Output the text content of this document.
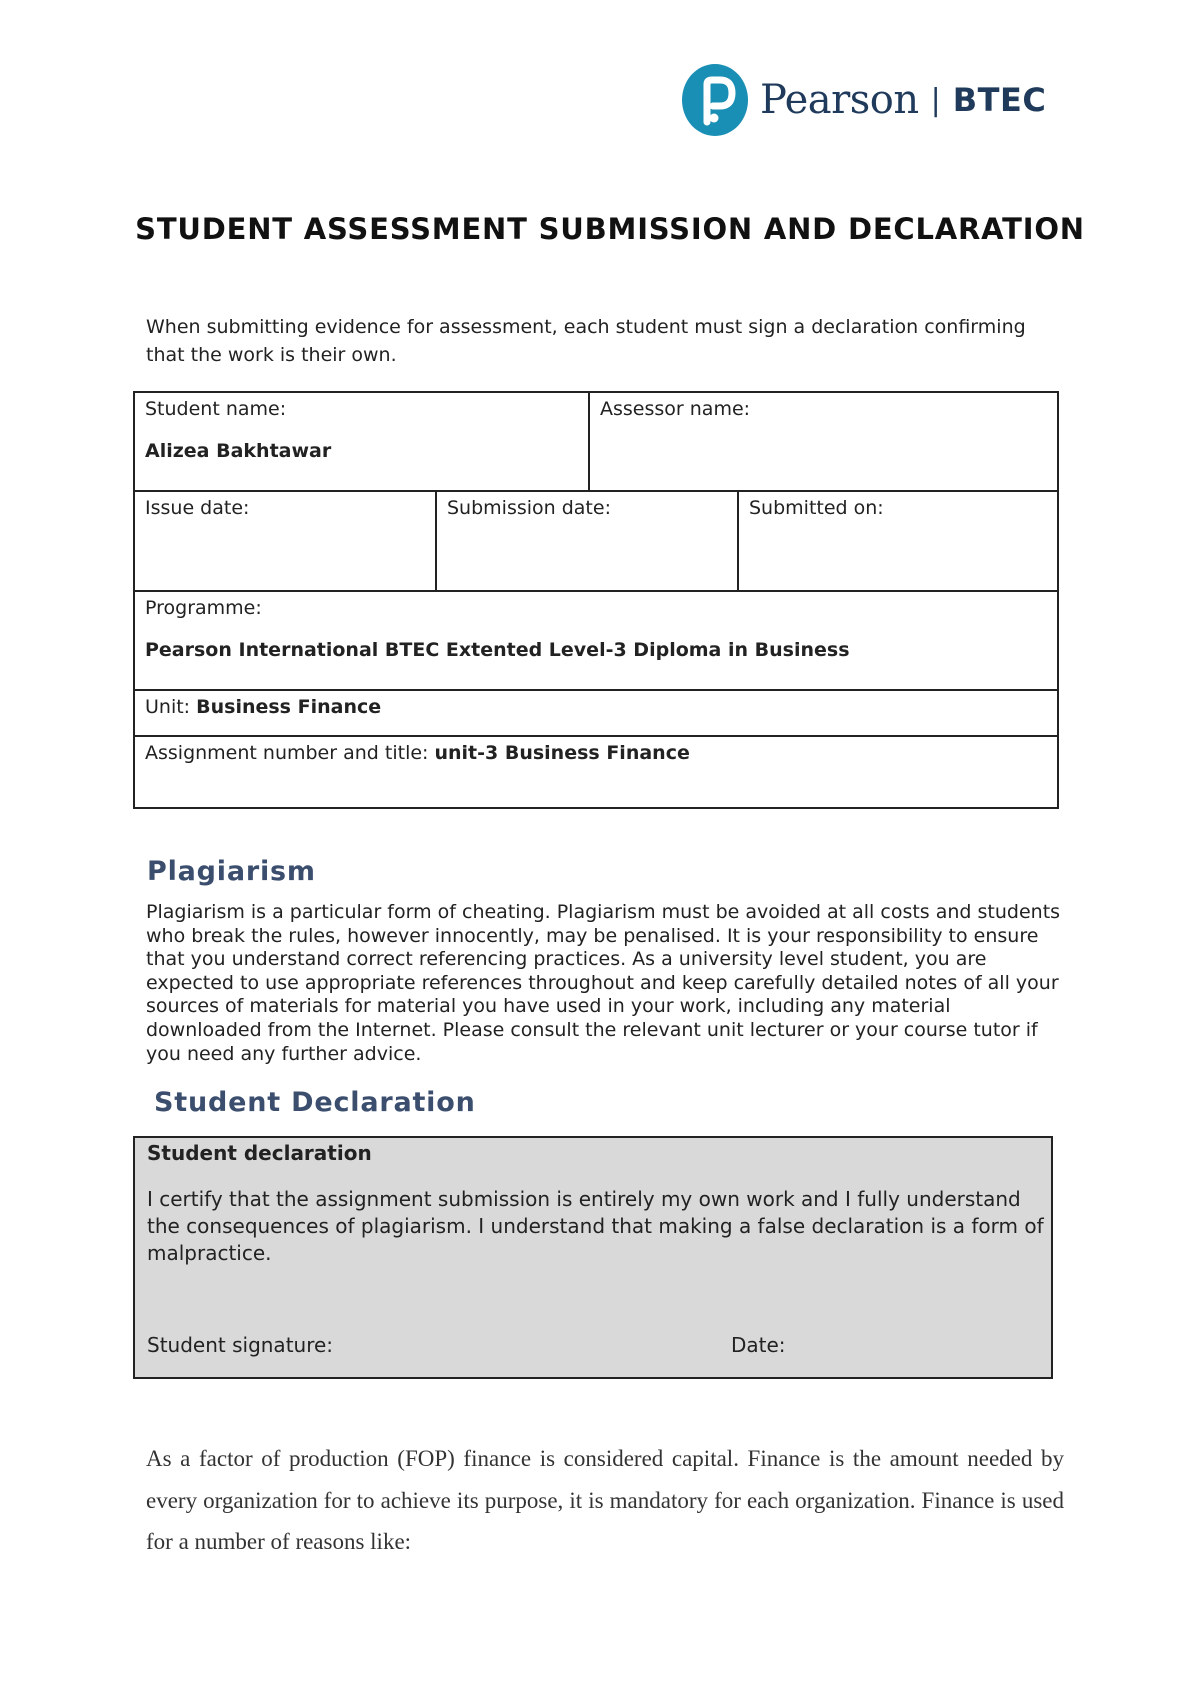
Pearson | BTEC
STUDENT ASSESSMENT SUBMISSION AND DECLARATION
When submitting evidence for assessment, each student must sign a declaration confirming that the work is their own.
Student name:
Alizea Bakhtawar
Assessor name:
Issue date:	Submission date:	Submitted on:
Programme:
Pearson International BTEC Extented Level-3 Diploma in Business
Unit: Business Finance
Assignment number and title: unit-3 Business Finance
Plagiarism
Plagiarism is a particular form of cheating. Plagiarism must be avoided at all costs and students who break the rules, however innocently, may be penalised. It is your responsibility to ensure that you understand correct referencing practices. As a university level student, you are expected to use appropriate references throughout and keep carefully detailed notes of all your sources of materials for material you have used in your work, including any material downloaded from the Internet. Please consult the relevant unit lecturer or your course tutor if you need any further advice.
Student Declaration
Student declaration
I certify that the assignment submission is entirely my own work and I fully understand the consequences of plagiarism. I understand that making a false declaration is a form of malpractice.
Student signature:	Date:
As a factor of production (FOP) finance is considered capital. Finance is the amount needed by every organization for to achieve its purpose, it is mandatory for each organization. Finance is used for a number of reasons like:
